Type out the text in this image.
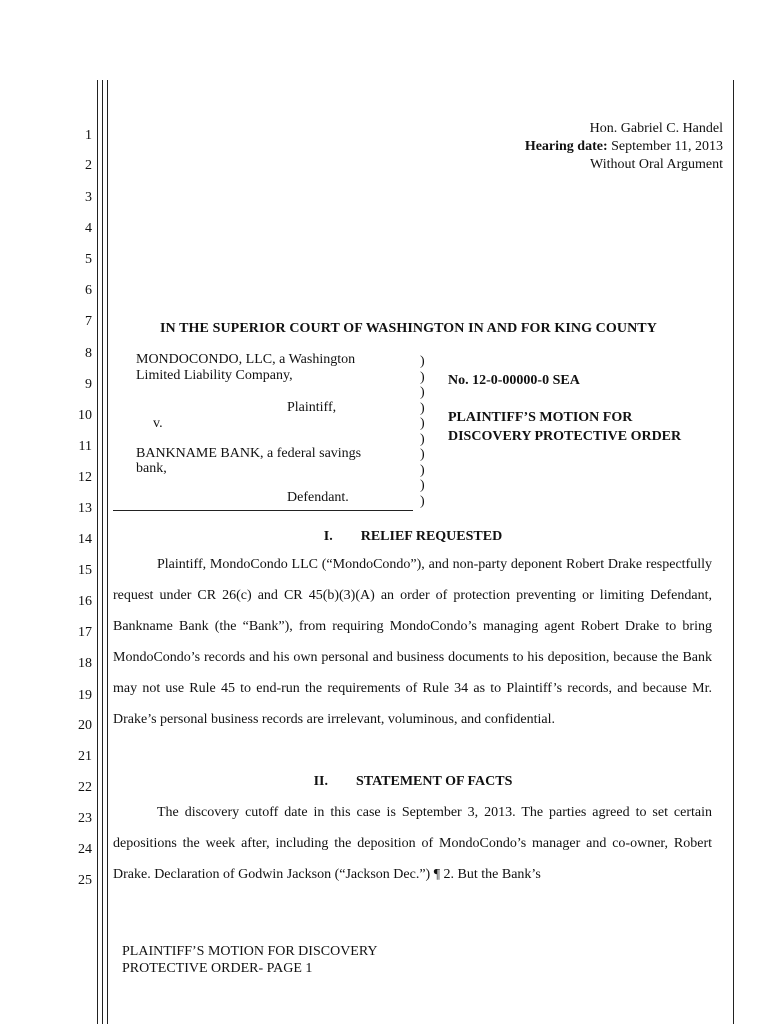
1
2
3
4
5
6
7
8
9
10
11
12
13
14
15
16
17
18
19
20
21
22
23
24
25
Hon. Gabriel C. Handel
Hearing date: September 11, 2013
Without Oral Argument
IN THE SUPERIOR COURT OF WASHINGTON IN AND FOR KING COUNTY
MONDOCONDO, LLC, a Washington
Limited Liability Company,
Plaintiff,
v.
BANKNAME BANK, a federal savings
bank,
Defendant.
)
)
)
)
)
)
)
)
)
)
No. 12-0-00000-0 SEA
PLAINTIFF’S MOTION FOR
DISCOVERY PROTECTIVE ORDER
I. RELIEF REQUESTED
Plaintiff, MondoCondo LLC (“MondoCondo”), and non-party deponent Robert Drake respectfully request under CR 26(c) and CR 45(b)(3)(A) an order of protection preventing or limiting Defendant, Bankname Bank (the “Bank”), from requiring MondoCondo’s managing agent Robert Drake to bring MondoCondo’s records and his own personal and business documents to his deposition, because the Bank may not use Rule 45 to end-run the requirements of Rule 34 as to Plaintiff’s records, and because Mr. Drake’s personal business records are irrelevant, voluminous, and confidential.
II. STATEMENT OF FACTS
The discovery cutoff date in this case is September 3, 2013. The parties agreed to set certain depositions the week after, including the deposition of MondoCondo’s manager and co-owner, Robert Drake. Declaration of Godwin Jackson (“Jackson Dec.”) ¶ 2. But the Bank’s
PLAINTIFF’S MOTION FOR DISCOVERY
PROTECTIVE ORDER- PAGE 1
